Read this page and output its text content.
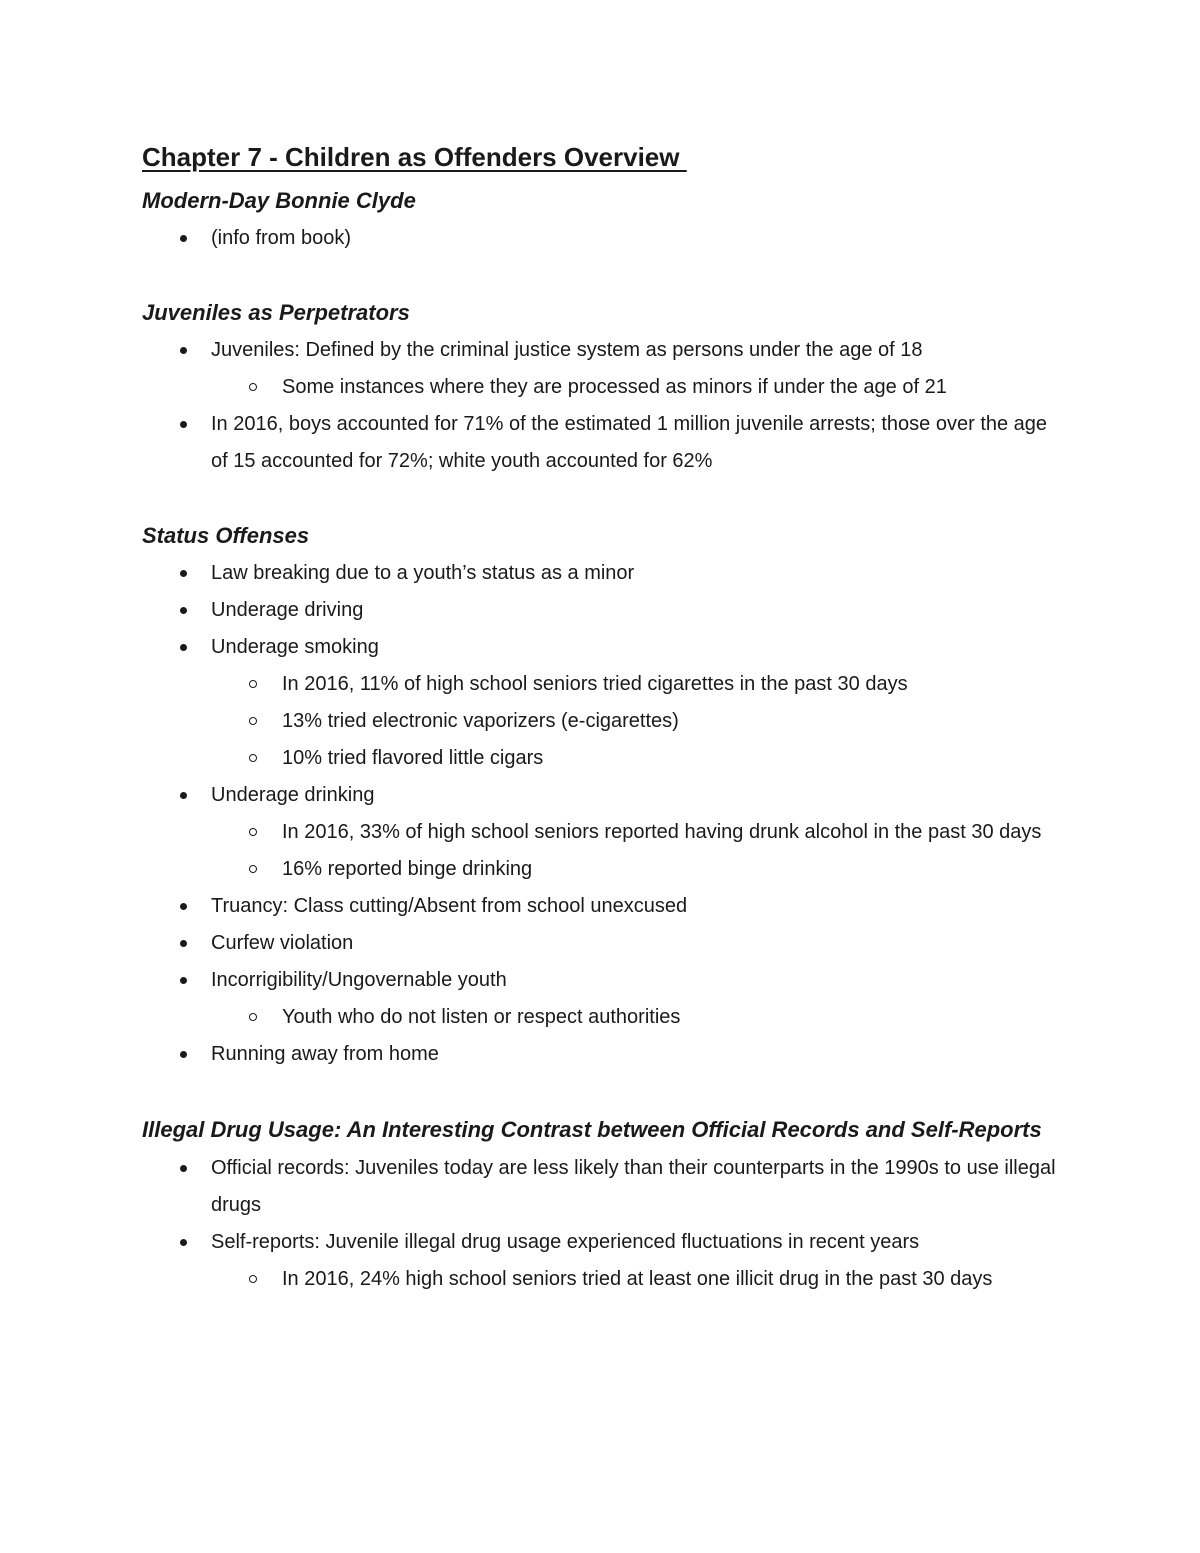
Chapter 7 - Children as Offenders Overview
Modern-Day Bonnie Clyde
(info from book)
Juveniles as Perpetrators
Juveniles: Defined by the criminal justice system as persons under the age of 18
Some instances where they are processed as minors if under the age of 21
In 2016, boys accounted for 71% of the estimated 1 million juvenile arrests; those over the age of 15 accounted for 72%; white youth accounted for 62%
Status Offenses
Law breaking due to a youth’s status as a minor
Underage driving
Underage smoking
In 2016, 11% of high school seniors tried cigarettes in the past 30 days
13% tried electronic vaporizers (e-cigarettes)
10% tried flavored little cigars
Underage drinking
In 2016, 33% of high school seniors reported having drunk alcohol in the past 30 days
16% reported binge drinking
Truancy: Class cutting/Absent from school unexcused
Curfew violation
Incorrigibility/Ungovernable youth
Youth who do not listen or respect authorities
Running away from home
Illegal Drug Usage: An Interesting Contrast between Official Records and Self-Reports
Official records: Juveniles today are less likely than their counterparts in the 1990s to use illegal drugs
Self-reports: Juvenile illegal drug usage experienced fluctuations in recent years
In 2016, 24% high school seniors tried at least one illicit drug in the past 30 days
